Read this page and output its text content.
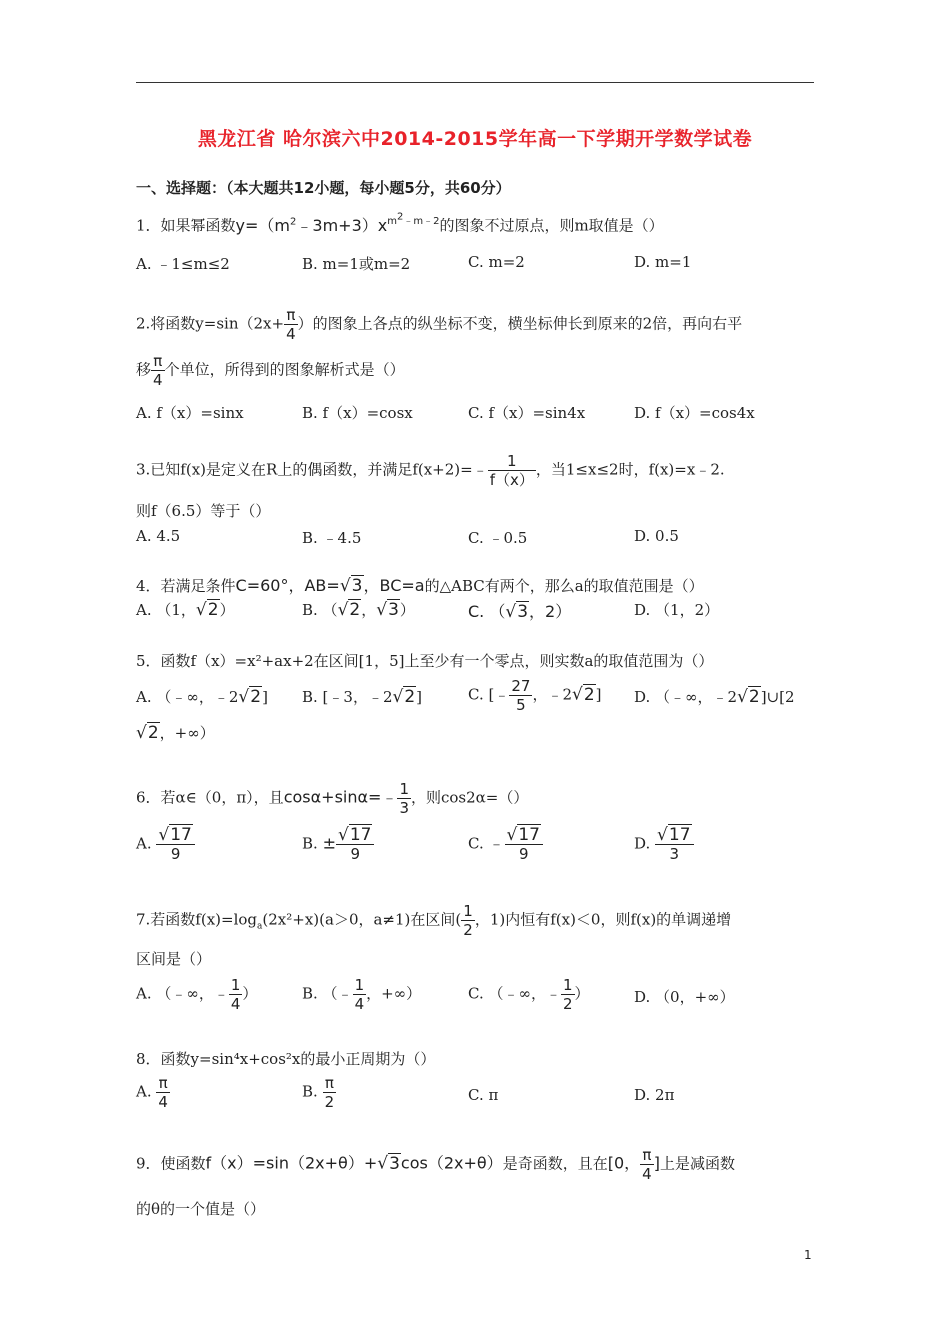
黑龙江省 哈尔滨六中2014-2015学年高一下学期开学数学试卷
一、选择题：（本大题共12小题，每小题5分，共60分）
1．如果幂函数$y=(m^2﹣3m+3)x^{m^2﹣m﹣2}$的图象不过原点，则m取值是（）
A. ﹣1≤m≤2	B. m=1或m=2	C. m=2	D. m=1
2.将函数$y=\sin(2x+ \frac{\pi}{4}$ ）的图象上各点的纵坐标不变，横坐标伸长到原来的2倍，再向右平
移 $\frac{\pi}{4}$ 个单位，所得到的图象解析式是（）
A. f（x）=sinx	B. f（x）=cosx	C. f（x）=sin4x	D. f（x）=cos4x
3.已知f(x)是定义在R上的偶函数，并满足f(x+2)=﹣ $\frac{1}{f(x)}$ ，当1≤x≤2时，f(x)=x﹣2.
则f（6.5）等于（）
A. 4.5	B. ﹣4.5	C. ﹣0.5	D. 0.5
4．若满足条件C=60°，AB=√3，BC=a的△ABC有两个，那么a的取值范围是（）
A. （1，√2）	B. （√2，√3）	C. （√3，2）	D. （1，2）
5．函数f（x）=x²+ax+2在区间[1，5]上至少有一个零点，则实数a的取值范围为（）
A. （﹣∞，﹣2√2] B. [﹣3，﹣2√2]	C. [﹣ $\frac{27}{5}$ ，﹣2√2] D. （﹣∞，﹣2√2]∪[2
√2，+∞）
6．若α∈（0，π），且cosα+sinα=﹣ $\frac{1}{3}$ ，则cos2α=（）
A. $\frac{√17}{9}$	B. ± $\frac{√17}{9}$	C. ﹣ $\frac{√17}{9}$	D. $\frac{√17}{3}$
7.若函数$f(x)=\log_a(2x^2+x)(a>0$，a≠1)在区间( $\frac{1}{2}$ ，1)内恒有f(x)＜0，则f(x)的单调递增
区间是（）
A. （﹣∞，﹣ $\frac{1}{4}$ ）	B. （﹣ $\frac{1}{4}$ ，+∞）	C. （﹣∞，﹣ $\frac{1}{2}$ ）	D. （0，+∞）
8．函数y=sin⁴x+cos²x的最小正周期为（）
A. $\frac{\pi}{4}$	B. $\frac{\pi}{2}$	C. π	D. 2π
9．使函数f（x）=sin（2x+θ）+√3cos（2x+θ）是奇函数，且在[0， $\frac{\pi}{4}$ ]上是减函数
的θ的一个值是（）
1
